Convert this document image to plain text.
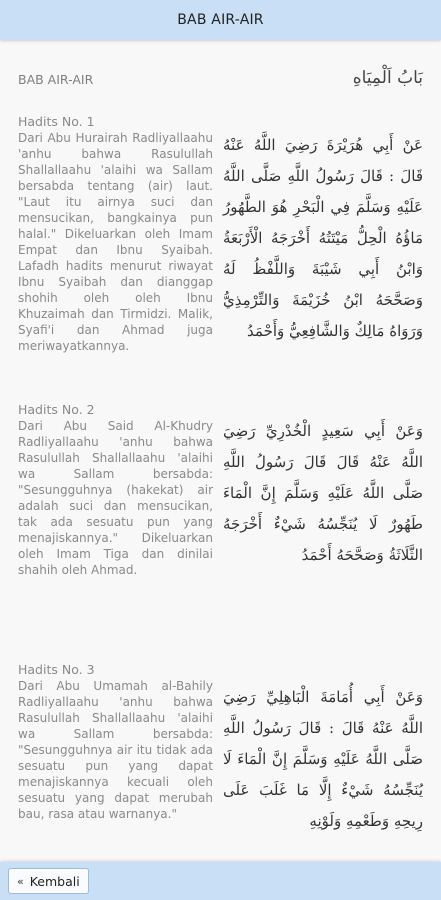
BAB AIR-AIR
BAB AIR-AIR	بَابُ اَلْمِيَاهِ
Hadits No. 1
Dari Abu Hurairah Radliyallaahu 'anhu bahwa Rasulullah Shallallaahu 'alaihi wa Sallam bersabda tentang (air) laut. "Laut itu airnya suci dan mensucikan, bangkainya pun halal." Dikeluarkan oleh Imam Empat dan Ibnu Syaibah. Lafadh hadits menurut riwayat Ibnu Syaibah dan dianggap shohih oleh oleh Ibnu Khuzaimah dan Tirmidzi. Malik, Syafi'i dan Ahmad juga meriwayatkannya.
عَنْ أَبِي هُرَيْرَةَ رَضِيَ اللَّهُ عَنْهُ قَالَ : قَالَ رَسُولُ اللَّهِ صَلَّى اللَّهُ عَلَيْهِ وَسَلَّمَ فِي الْبَحْرِ هُوَ الطَّهُورُ مَاؤُهُ الْحِلُّ مَيْتَتُهُ أَخْرَجَهُ الْأَرْبَعَةُ وَابْنُ أَبِي شَيْبَةَ وَاللَّفْظُ لَهُ وَصَحَّحَهُ ابْنُ خُزَيْمَةَ وَالتِّرْمِذِيُّ وَرَوَاهُ مَالِكٌ وَالشَّافِعِيُّ وَأَحْمَدُ
Hadits No. 2
Dari Abu Said Al-Khudry Radliyallaahu 'anhu bahwa Rasulullah Shallallaahu 'alaihi wa Sallam bersabda: "Sesungguhnya (hakekat) air adalah suci dan mensucikan, tak ada sesuatu pun yang menajiskannya." Dikeluarkan oleh Imam Tiga dan dinilai shahih oleh Ahmad.
وَعَنْ أَبِي سَعِيدٍ الْخُدْرِيِّ رَضِيَ اللَّهُ عَنْهُ قَالَ قَالَ رَسُولُ اللَّهِ صَلَّى اللَّهُ عَلَيْهِ وَسَلَّمَ إِنَّ الْمَاءَ طَهُورٌ لَا يُنَجِّسُهُ شَيْءٌ أَخْرَجَهُ الثَّلَاثَةُ وَصَحَّحَهُ أَحْمَدُ
Hadits No. 3
Dari Abu Umamah al-Bahily Radliyallaahu 'anhu bahwa Rasulullah Shallallaahu 'alaihi wa Sallam bersabda: "Sesungguhnya air itu tidak ada sesuatu pun yang dapat menajiskannya kecuali oleh sesuatu yang dapat merubah bau, rasa atau warnanya."
وَعَنْ أَبِي أُمَامَةَ الْبَاهِلِيِّ رَضِيَ اللَّهُ عَنْهُ قَالَ : قَالَ رَسُولُ اللَّهِ صَلَّى اللَّهُ عَلَيْهِ وَسَلَّمَ إِنَّ الْمَاءَ لَا يُنَجِّسُهُ شَيْءٌ إِلَّا مَا غَلَبَ عَلَى رِيحِهِ وَطَعْمِهِ وَلَوْنِهِ
« Kembali
